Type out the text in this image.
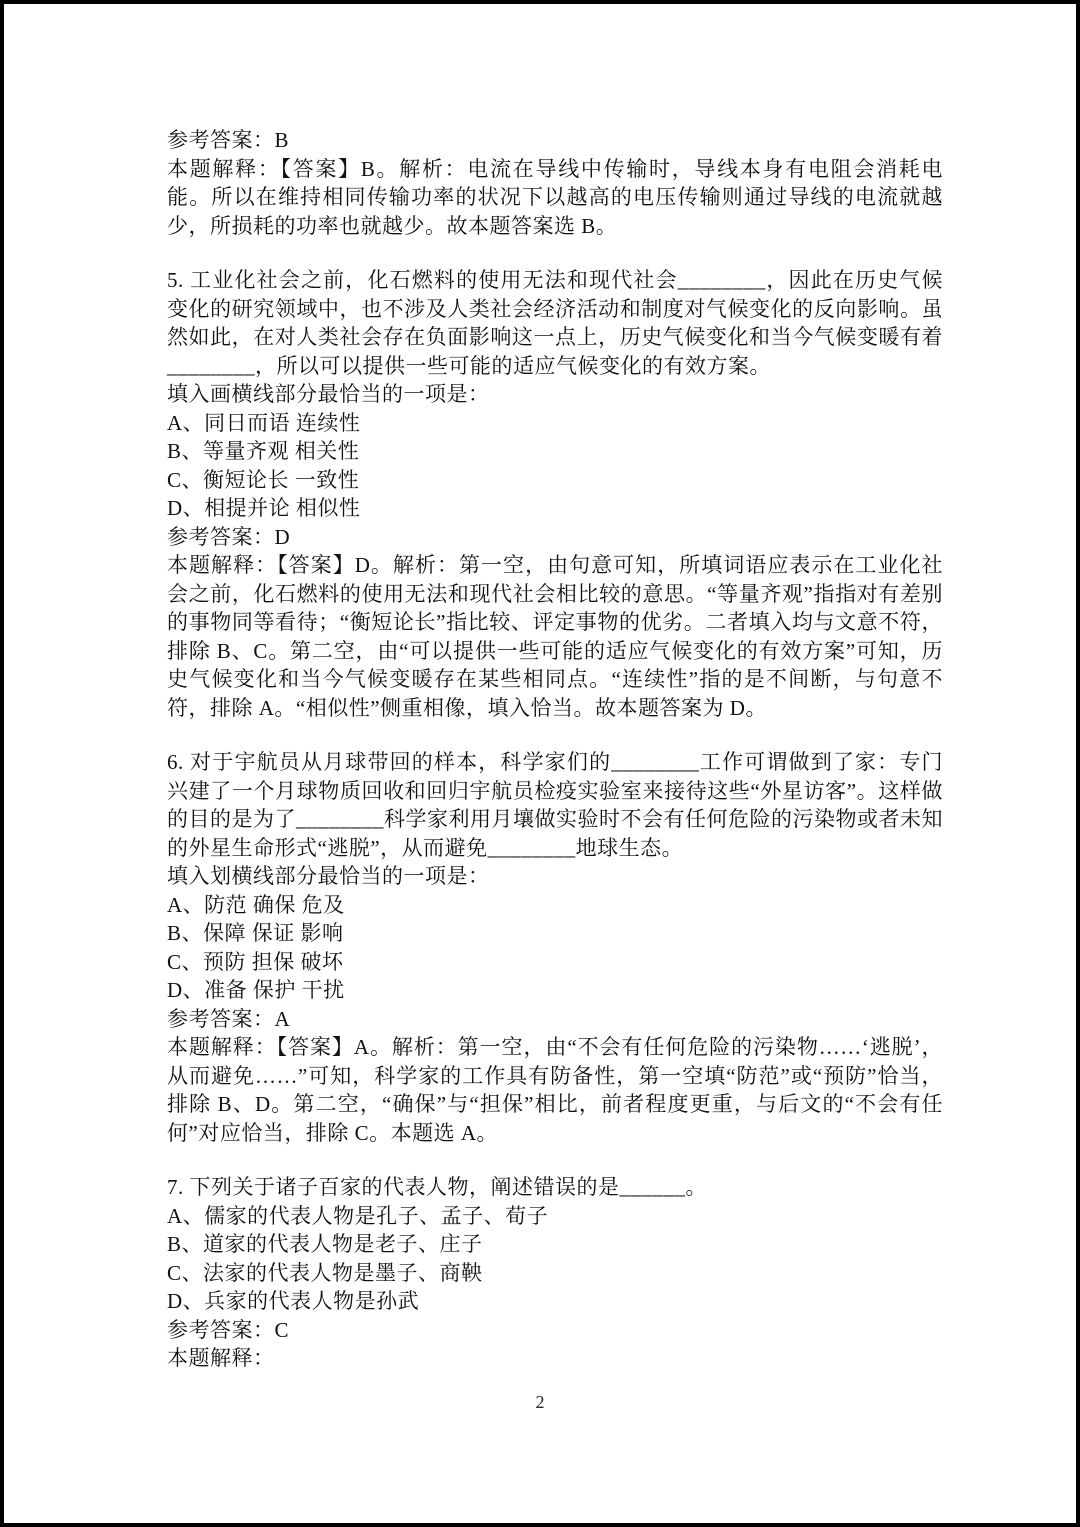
参考答案：B

本题解释：【答案】B。解析：电流在导线中传输时，导线本身有电阻会消耗电能。所以在维持相同传输功率的状况下以越高的电压传输则通过导线的电流就越少，所损耗的功率也就越少。故本题答案选 B。

5. 工业化社会之前，化石燃料的使用无法和现代社会________，因此在历史气候变化的研究领域中，也不涉及人类社会经济活动和制度对气候变化的反向影响。虽然如此，在对人类社会存在负面影响这一点上，历史气候变化和当今气候变暖有着________，所以可以提供一些可能的适应气候变化的有效方案。

填入画横线部分最恰当的一项是：

A、同日而语 连续性

B、等量齐观 相关性

C、衡短论长 一致性

D、相提并论 相似性

参考答案：D

本题解释：【答案】D。解析：第一空，由句意可知，所填词语应表示在工业化社会之前，化石燃料的使用无法和现代社会相比较的意思。“等量齐观”指指对有差别的事物同等看待；“衡短论长”指比较、评定事物的优劣。二者填入均与文意不符，排除 B、C。第二空，由“可以提供一些可能的适应气候变化的有效方案”可知，历史气候变化和当今气候变暖存在某些相同点。“连续性”指的是不间断，与句意不符，排除 A。“相似性”侧重相像，填入恰当。故本题答案为 D。

6. 对于宇航员从月球带回的样本，科学家们的________工作可谓做到了家：专门兴建了一个月球物质回收和回归宇航员检疫实验室来接待这些“外星访客”。这样做的目的是为了________科学家利用月壤做实验时不会有任何危险的污染物或者未知的外星生命形式“逃脱”，从而避免________地球生态。

填入划横线部分最恰当的一项是：

A、防范 确保 危及

B、保障 保证 影响

C、预防 担保 破坏

D、准备 保护 干扰

参考答案：A

本题解释：【答案】A。解析：第一空，由“不会有任何危险的污染物……‘逃脱’，从而避免……”可知，科学家的工作具有防备性，第一空填“防范”或“预防”恰当，排除 B、D。第二空，“确保”与“担保”相比，前者程度更重，与后文的“不会有任何”对应恰当，排除 C。本题选 A。

7. 下列关于诸子百家的代表人物，阐述错误的是______。

A、儒家的代表人物是孔子、孟子、荀子

B、道家的代表人物是老子、庄子

C、法家的代表人物是墨子、商鞅

D、兵家的代表人物是孙武

参考答案：C

本题解释：

2
